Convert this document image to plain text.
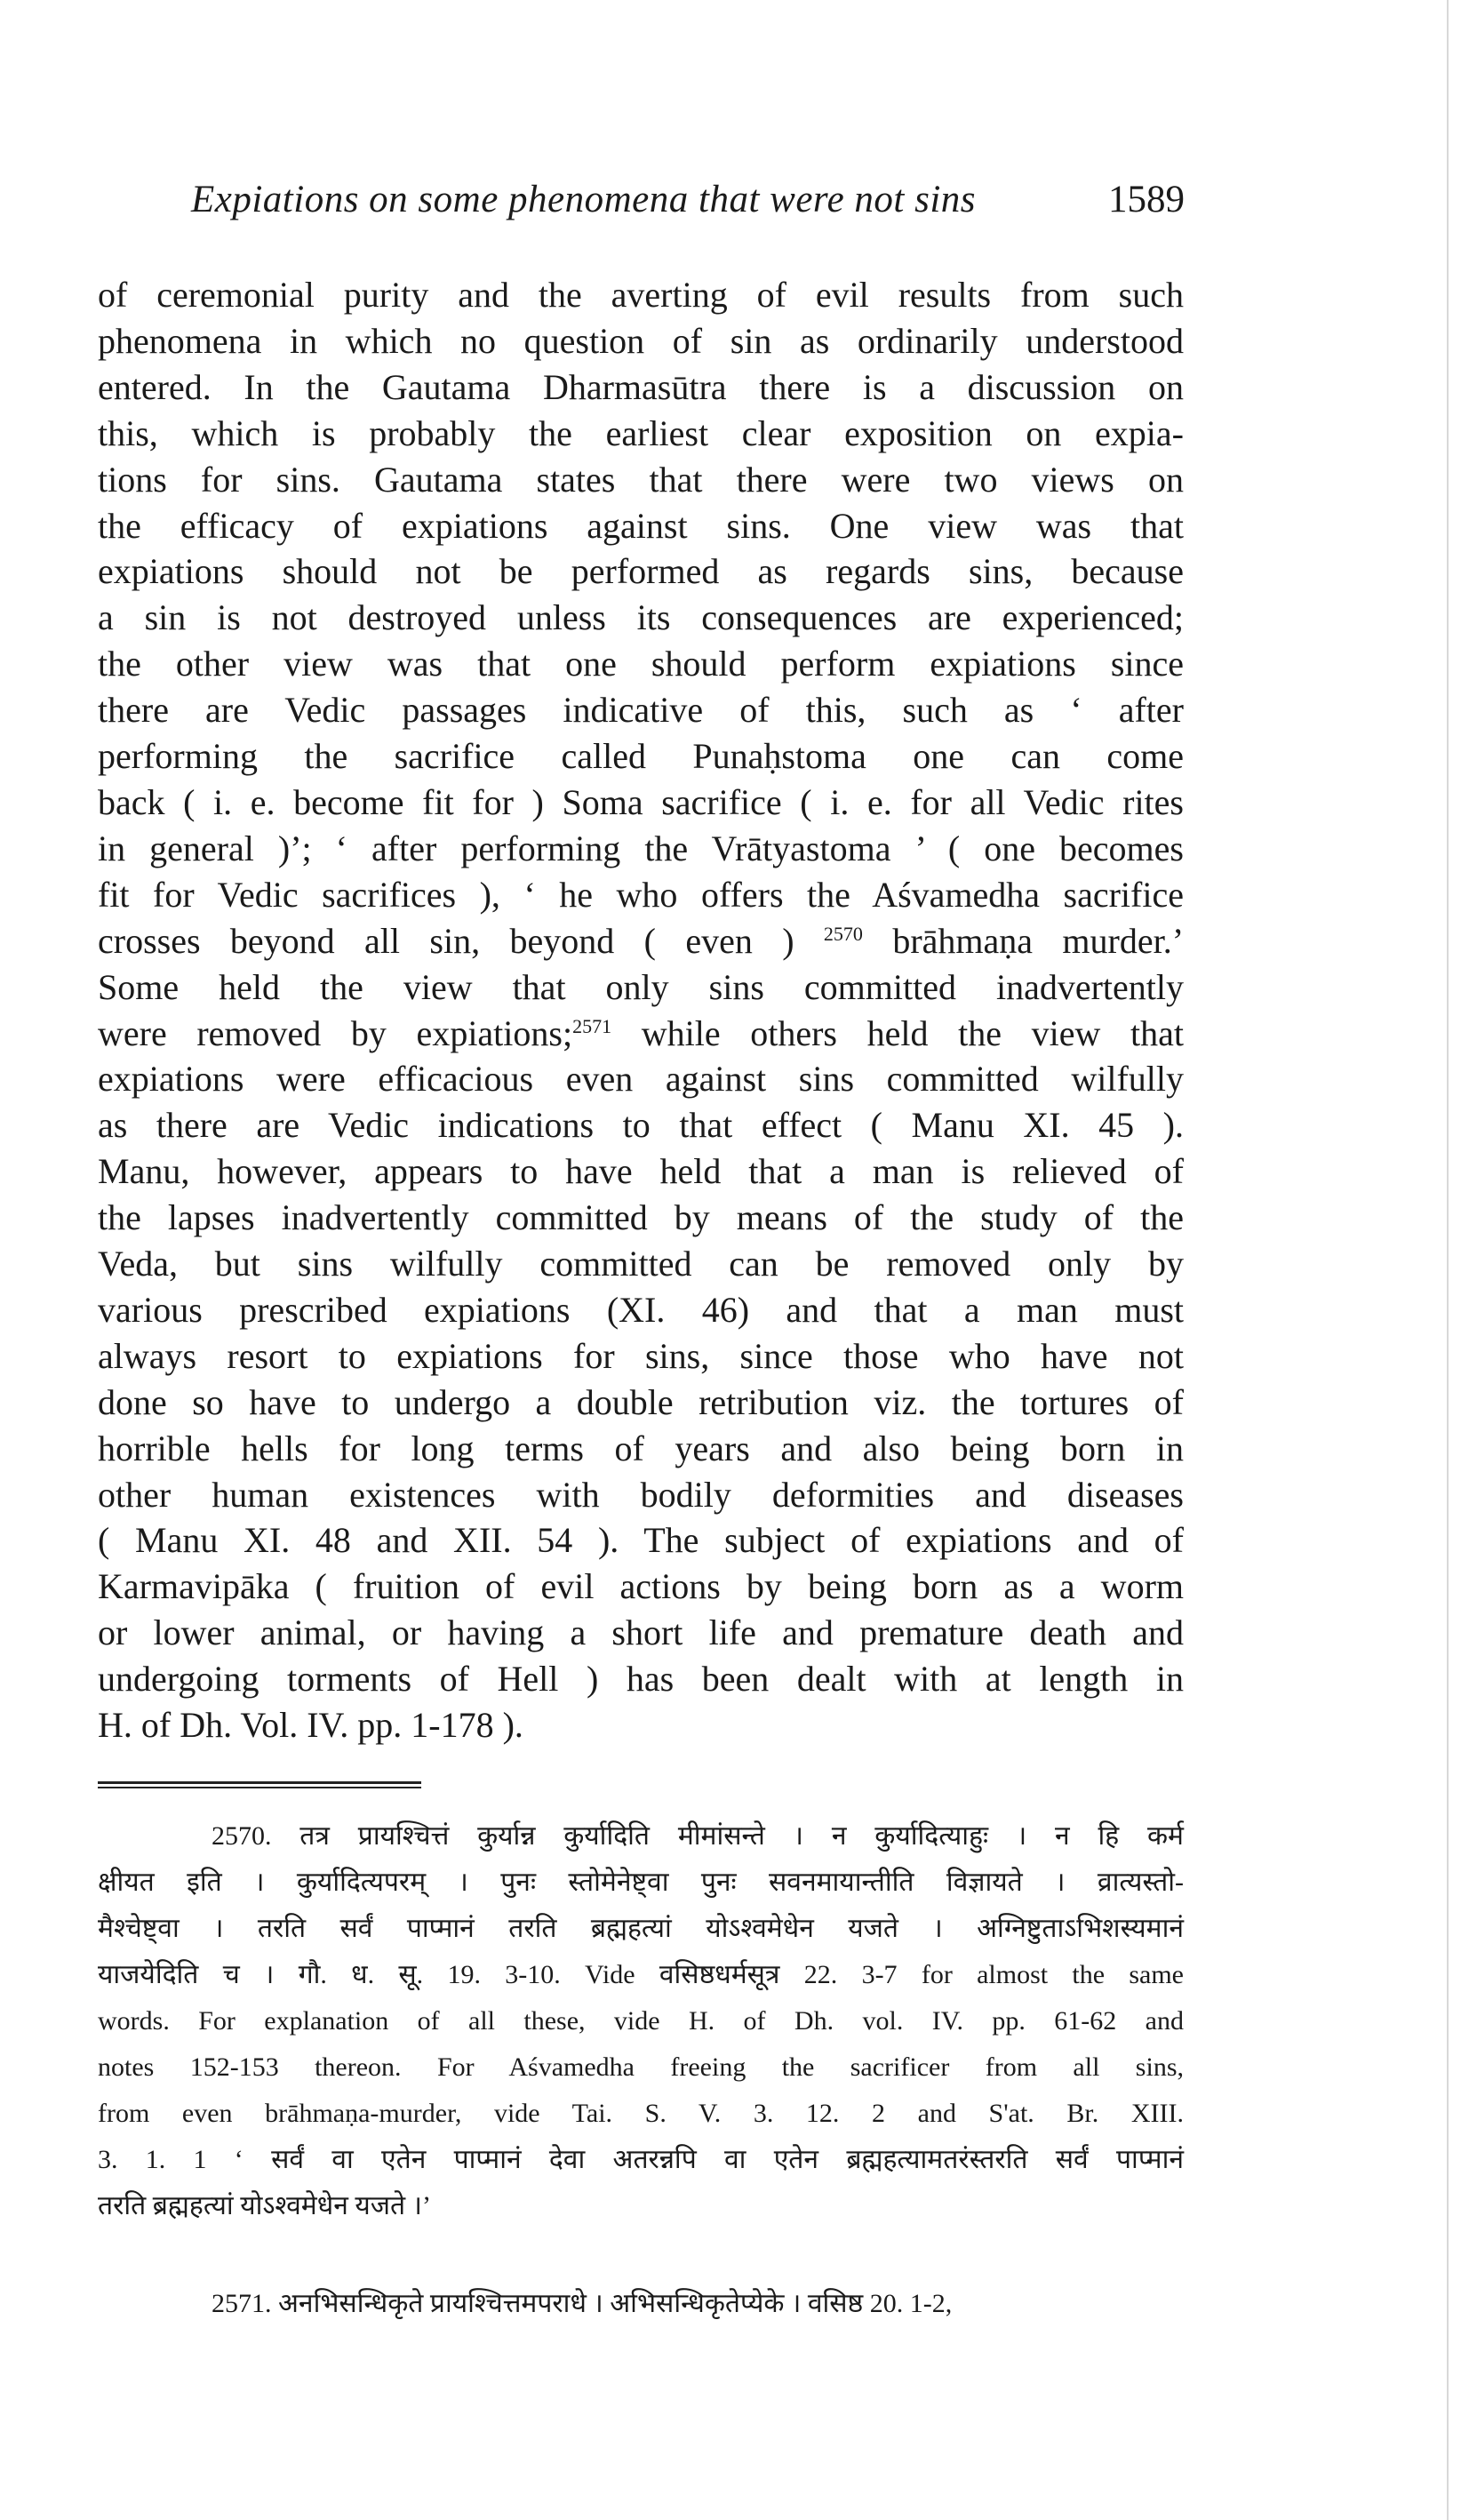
Expiations on some phenomena that were not sins	1589
of ceremonial purity and the averting of evil results from such
phenomena in which no question of sin as ordinarily understood
entered. In the Gautama Dharmasūtra there is a discussion on
this, which is probably the earliest clear exposition on expia-
tions for sins. Gautama states that there were two views on
the efficacy of expiations against sins. One view was that
expiations should not be performed as regards sins, because
a sin is not destroyed unless its consequences are experienced;
the other view was that one should perform expiations since
there are Vedic passages indicative of this, such as ‘ after
performing the sacrifice called Punaḥstoma one can come
back ( i. e. become fit for ) Soma sacrifice ( i. e. for all Vedic rites
in general )’; ‘ after performing the Vrātyastoma ’ ( one becomes
fit for Vedic sacrifices ), ‘ he who offers the Aśvamedha sacrifice
crosses beyond all sin, beyond ( even ) $^{2570}$ brāhmaṇa murder.’
Some held the view that only sins committed inadvertently
were removed by expiations;$^{2571}$ while others held the view that
expiations were efficacious even against sins committed wilfully
as there are Vedic indications to that effect ( Manu XI. 45 ).
Manu, however, appears to have held that a man is relieved of
the lapses inadvertently committed by means of the study of the
Veda, but sins wilfully committed can be removed only by
various prescribed expiations (XI. 46) and that a man must
always resort to expiations for sins, since those who have not
done so have to undergo a double retribution viz. the tortures of
horrible hells for long terms of years and also being born in
other human existences with bodily deformities and diseases
( Manu XI. 48 and XII. 54 ). The subject of expiations and of
Karmavipāka ( fruition of evil actions by being born as a worm
or lower animal, or having a short life and premature death and
undergoing torments of Hell ) has been dealt with at length in
H. of Dh. Vol. IV. pp. 1-178 ).
2570. तत्र प्रायश्चित्तं कुर्यान्न कुर्यादिति मीमांसन्ते । न कुर्यादित्याहुः । न हि कर्म
क्षीयत इति । कुर्यादित्यपरम् । पुनः स्तोमेनेष्ट्वा पुनः सवनमायान्तीति विज्ञायते । व्रात्यस्तो-
मैश्चेष्ट्वा । तरति सर्वं पाप्मानं तरति ब्रह्महत्यां योऽश्वमेधेन यजते । अग्निष्टुताऽभिशस्यमानं
याजयेदिति च । गौ. ध. सू. 19. 3-10. Vide वसिष्ठधर्मसूत्र 22. 3-7 for almost the same
words. For explanation of all these, vide H. of Dh. vol. IV. pp. 61-62 and
notes 152-153 thereon. For Aśvamedha freeing the sacrificer from all sins,
from even brāhmaṇa-murder, vide Tai. S. V. 3. 12. 2 and S'at. Br. XIII.
3. 1. 1 ‘ सर्वं वा एतेन पाप्मानं देवा अतरन्नपि वा एतेन ब्रह्महत्यामतरंस्तरति सर्वं पाप्मानं
तरति ब्रह्महत्यां योऽश्वमेधेन यजते ।’
2571. अनभिसन्धिकृते प्रायश्चित्तमपराधे । अभिसन्धिकृतेप्येके । वसिष्ठ 20. 1-2,
